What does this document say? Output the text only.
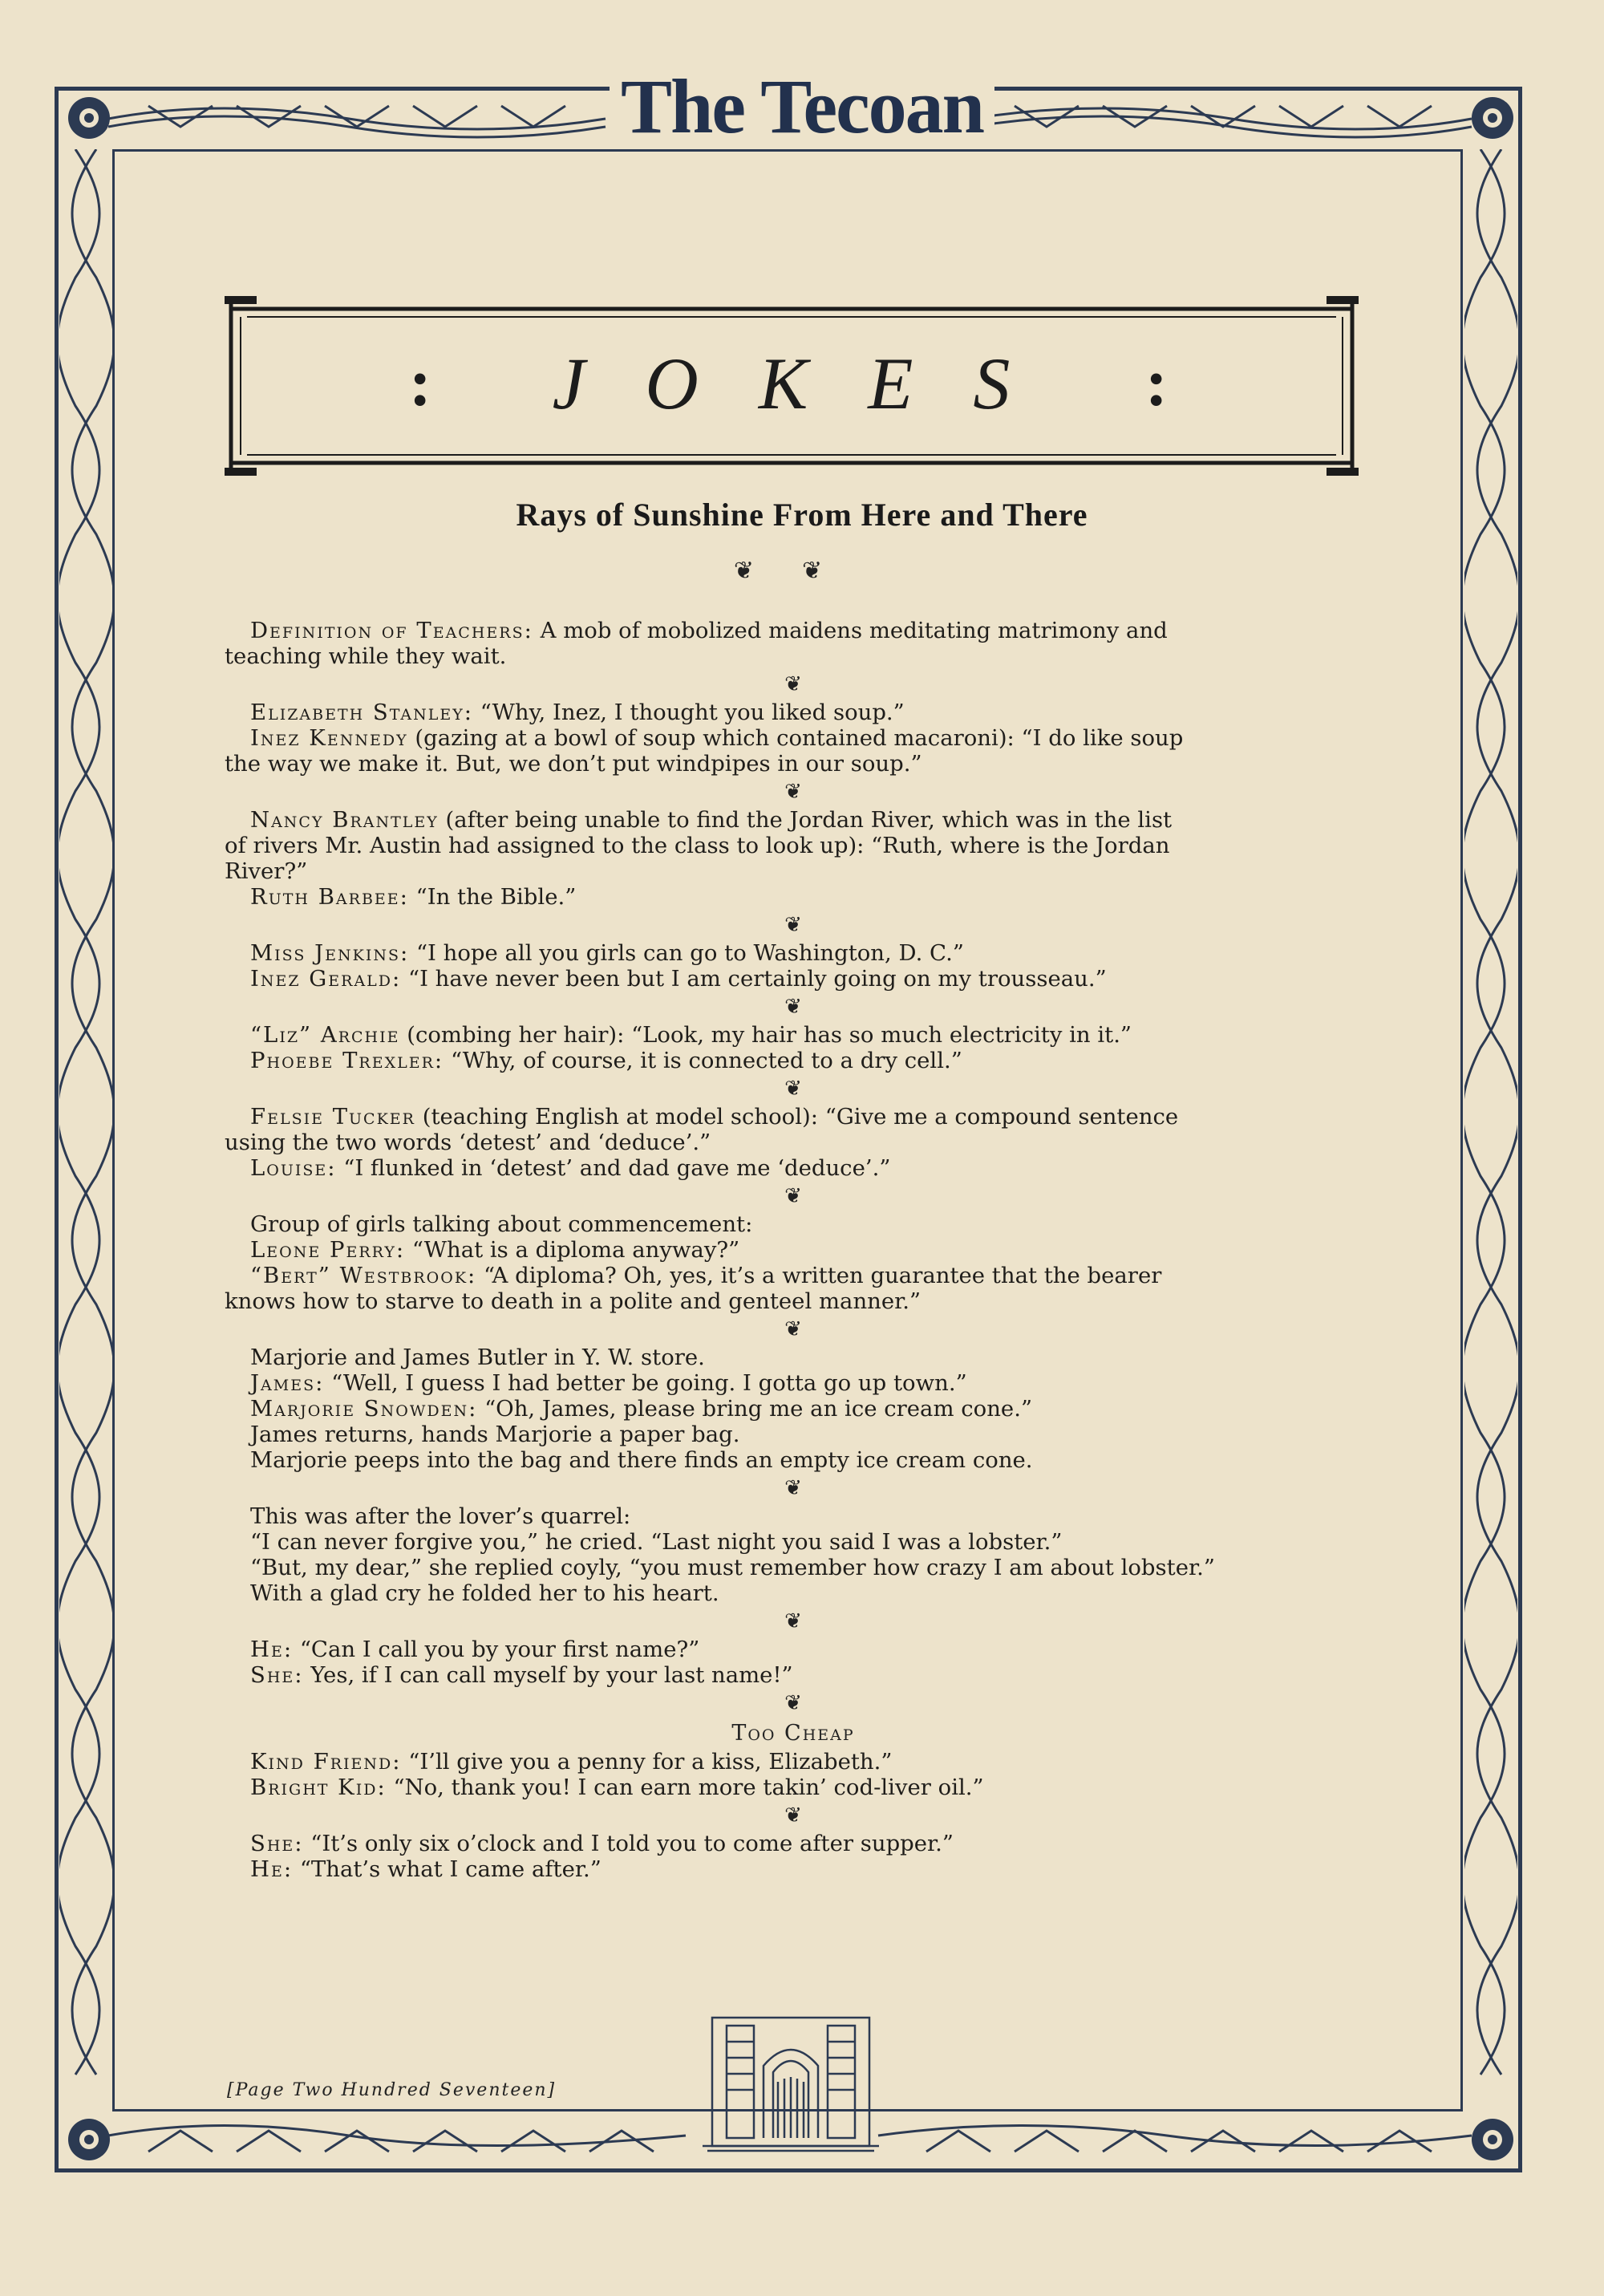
The Tecoan
:	J O K E S	:
Rays of Sunshine From Here and There
❦❦
Definition of Teachers: A mob of mobolized maidens meditating matrimony and
teaching while they wait.
❦
Elizabeth Stanley: “Why, Inez, I thought you liked soup.”
Inez Kennedy (gazing at a bowl of soup which contained macaroni): “I do like soup
the way we make it. But, we don’t put windpipes in our soup.”
❦
Nancy Brantley (after being unable to find the Jordan River, which was in the list
of rivers Mr. Austin had assigned to the class to look up): “Ruth, where is the Jordan
River?”
Ruth Barbee: “In the Bible.”
❦
Miss Jenkins: “I hope all you girls can go to Washington, D. C.”
Inez Gerald: “I have never been but I am certainly going on my trousseau.”
❦
“Liz” Archie (combing her hair): “Look, my hair has so much electricity in it.”
Phoebe Trexler: “Why, of course, it is connected to a dry cell.”
❦
Felsie Tucker (teaching English at model school): “Give me a compound sentence
using the two words ‘detest’ and ‘deduce’.”
Louise: “I flunked in ‘detest’ and dad gave me ‘deduce’.”
❦
Group of girls talking about commencement:
Leone Perry: “What is a diploma anyway?”
“Bert” Westbrook: “A diploma? Oh, yes, it’s a written guarantee that the bearer
knows how to starve to death in a polite and genteel manner.”
❦
Marjorie and James Butler in Y. W. store.
James: “Well, I guess I had better be going. I gotta go up town.”
Marjorie Snowden: “Oh, James, please bring me an ice cream cone.”
James returns, hands Marjorie a paper bag.
Marjorie peeps into the bag and there finds an empty ice cream cone.
❦
This was after the lover’s quarrel:
“I can never forgive you,” he cried. “Last night you said I was a lobster.”
“But, my dear,” she replied coyly, “you must remember how crazy I am about lobster.”
With a glad cry he folded her to his heart.
❦
He: “Can I call you by your first name?”
She: Yes, if I can call myself by your last name!”
❦
Too Cheap
Kind Friend: “I’ll give you a penny for a kiss, Elizabeth.”
Bright Kid: “No, thank you! I can earn more takin’ cod-liver oil.”
❦
She: “It’s only six o’clock and I told you to come after supper.”
He: “That’s what I came after.”
[Page Two Hundred Seventeen]
